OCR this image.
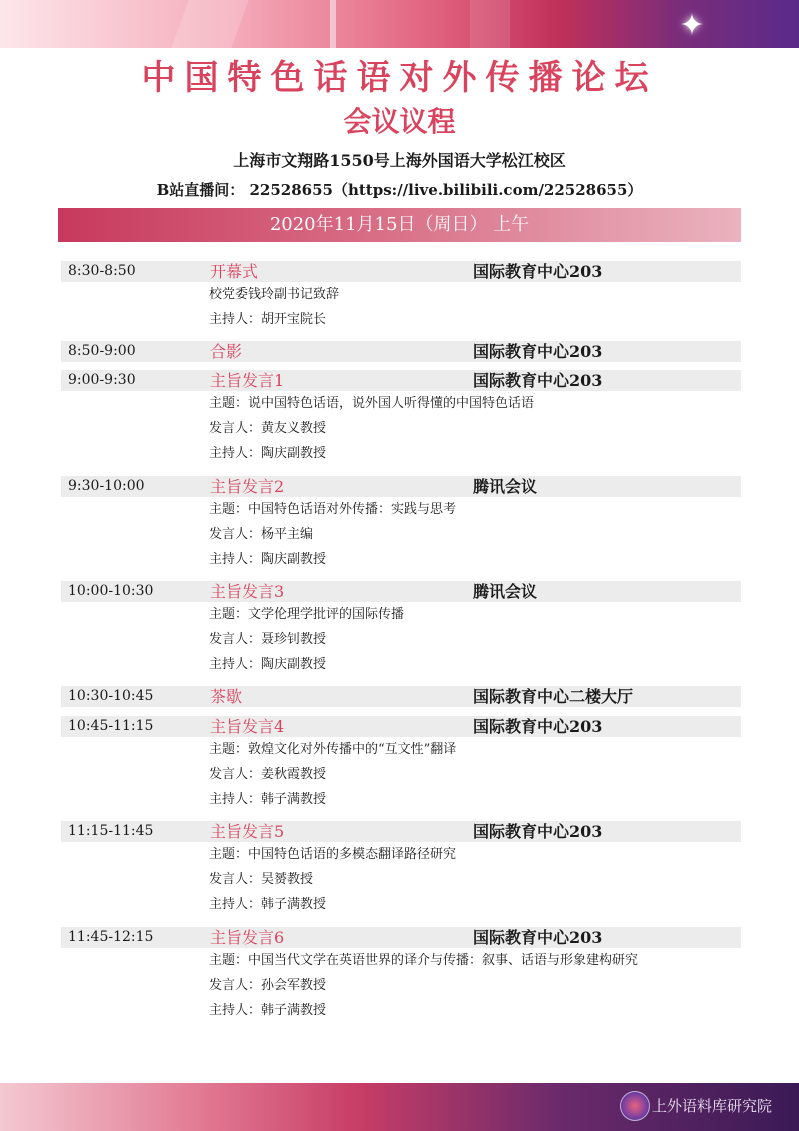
✦
中国特色话语对外传播论坛
会议议程
上海市文翔路1550号上海外国语大学松江校区
B站直播间： 22528655（https://live.bilibili.com/22528655）
2020年11月15日（周日） 上午
8:30-8:50	开幕式	国际教育中心203
校党委钱玲副书记致辞
主持人：胡开宝院长
8:50-9:00	合影	国际教育中心203
9:00-9:30	主旨发言1	国际教育中心203
主题：说中国特色话语，说外国人听得懂的中国特色话语
发言人：黄友义教授
主持人：陶庆副教授
9:30-10:00	主旨发言2	腾讯会议
主题：中国特色话语对外传播：实践与思考
发言人：杨平主编
主持人：陶庆副教授
10:00-10:30	主旨发言3	腾讯会议
主题：文学伦理学批评的国际传播
发言人：聂珍钊教授
主持人：陶庆副教授
10:30-10:45	茶歇	国际教育中心二楼大厅
10:45-11:15	主旨发言4	国际教育中心203
主题：敦煌文化对外传播中的“互文性”翻译
发言人：姜秋霞教授
主持人：韩子满教授
11:15-11:45	主旨发言5	国际教育中心203
主题：中国特色话语的多模态翻译路径研究
发言人：吴赟教授
主持人：韩子满教授
11:45-12:15	主旨发言6	国际教育中心203
主题：中国当代文学在英语世界的译介与传播：叙事、话语与形象建构研究
发言人：孙会军教授
主持人：韩子满教授
上外语料库研究院
